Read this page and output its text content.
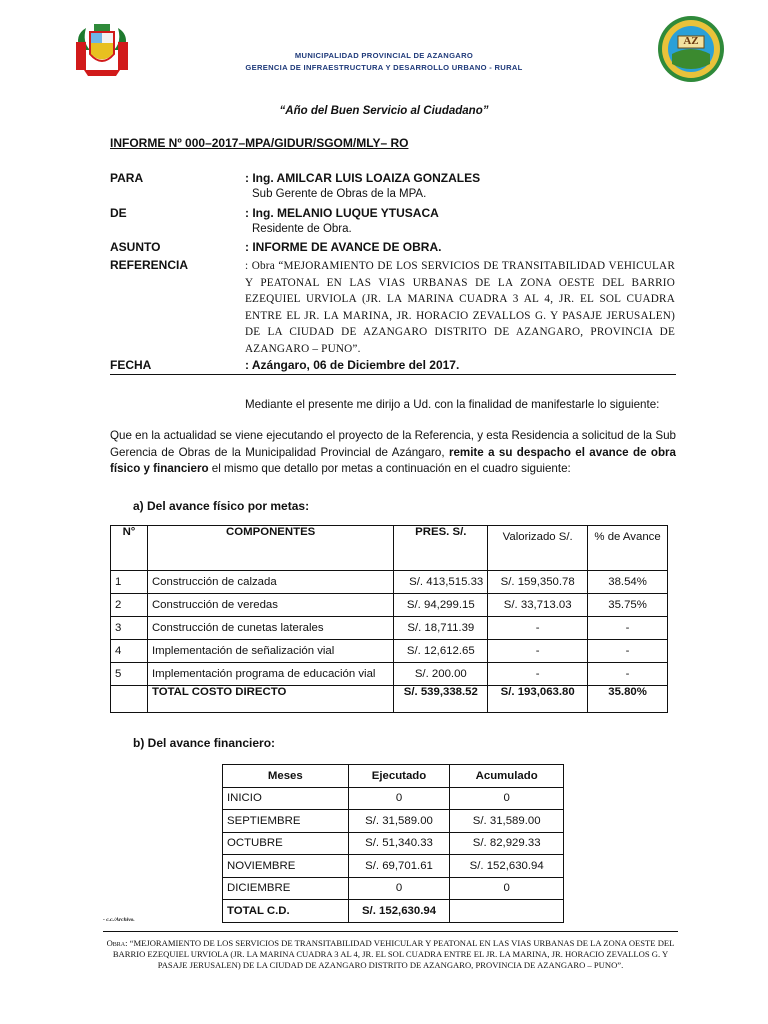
MUNICIPALIDAD PROVINCIAL DE AZANGARO
GERENCIA DE INFRAESTRUCTURA Y DESARROLLO URBANO - RURAL
AZ
“Año del Buen Servicio al Ciudadano”
INFORME Nº 000–2017–MPA/GIDUR/SGOM/MLY– RO
PARA	: Ing. AMILCAR LUIS LOAIZA GONZALES
Sub Gerente de Obras de la MPA.
DE	: Ing. MELANIO LUQUE YTUSACA
Residente de Obra.
ASUNTO	: INFORME DE AVANCE DE OBRA.
REFERENCIA	: Obra “MEJORAMIENTO DE LOS SERVICIOS DE TRANSITABILIDAD VEHICULAR Y PEATONAL EN LAS VIAS URBANAS DE LA ZONA OESTE DEL BARRIO EZEQUIEL URVIOLA (JR. LA MARINA CUADRA 3 AL 4, JR. EL SOL CUADRA ENTRE EL JR. LA MARINA, JR. HORACIO ZEVALLOS G. Y PASAJE JERUSALEN) DE LA CIUDAD DE AZANGARO DISTRITO DE AZANGARO, PROVINCIA DE AZANGARO – PUNO”.
FECHA	: Azángaro, 06 de Diciembre del 2017.
Mediante el presente me dirijo a Ud. con la finalidad de manifestarle lo siguiente:
Que en la actualidad se viene ejecutando el proyecto de la Referencia, y esta Residencia a solicitud de la Sub Gerencia de Obras de la Municipalidad Provincial de Azángaro, remite a su despacho el avance de obra físico y financiero el mismo que detallo por metas a continuación en el cuadro siguiente:
a) Del avance físico por metas:
N°	COMPONENTES	PRES. S/.	Valorizado S/.	% de Avance
1	Construcción de calzada	S/. 413,515.33	S/. 159,350.78	38.54%
2	Construcción de veredas	S/. 94,299.15	S/. 33,713.03	35.75%
3	Construcción de cunetas laterales	S/. 18,711.39	-	-
4	Implementación de señalización vial	S/. 12,612.65	-	-
5	Implementación programa de educación vial	S/. 200.00	-	-
	TOTAL COSTO DIRECTO	S/. 539,338.52	S/. 193,063.80	35.80%
b) Del avance financiero:
Meses	Ejecutado	Acumulado
INICIO	0	0
SEPTIEMBRE	S/. 31,589.00	S/. 31,589.00
OCTUBRE	S/. 51,340.33	S/. 82,929.33
NOVIEMBRE	S/. 69,701.61	S/. 152,630.94
DICIEMBRE	0	0
TOTAL C.D.	S/. 152,630.94	
- c.c./Archivo.
Obra: “MEJORAMIENTO DE LOS SERVICIOS DE TRANSITABILIDAD VEHICULAR Y PEATONAL EN LAS VIAS URBANAS DE LA ZONA OESTE DEL BARRIO EZEQUIEL URVIOLA (JR. LA MARINA CUADRA 3 AL 4, JR. EL SOL CUADRA ENTRE EL JR. LA MARINA, JR. HORACIO ZEVALLOS G. Y PASAJE JERUSALEN) DE LA CIUDAD DE AZANGARO DISTRITO DE AZANGARO, PROVINCIA DE AZANGARO – PUNO”.
